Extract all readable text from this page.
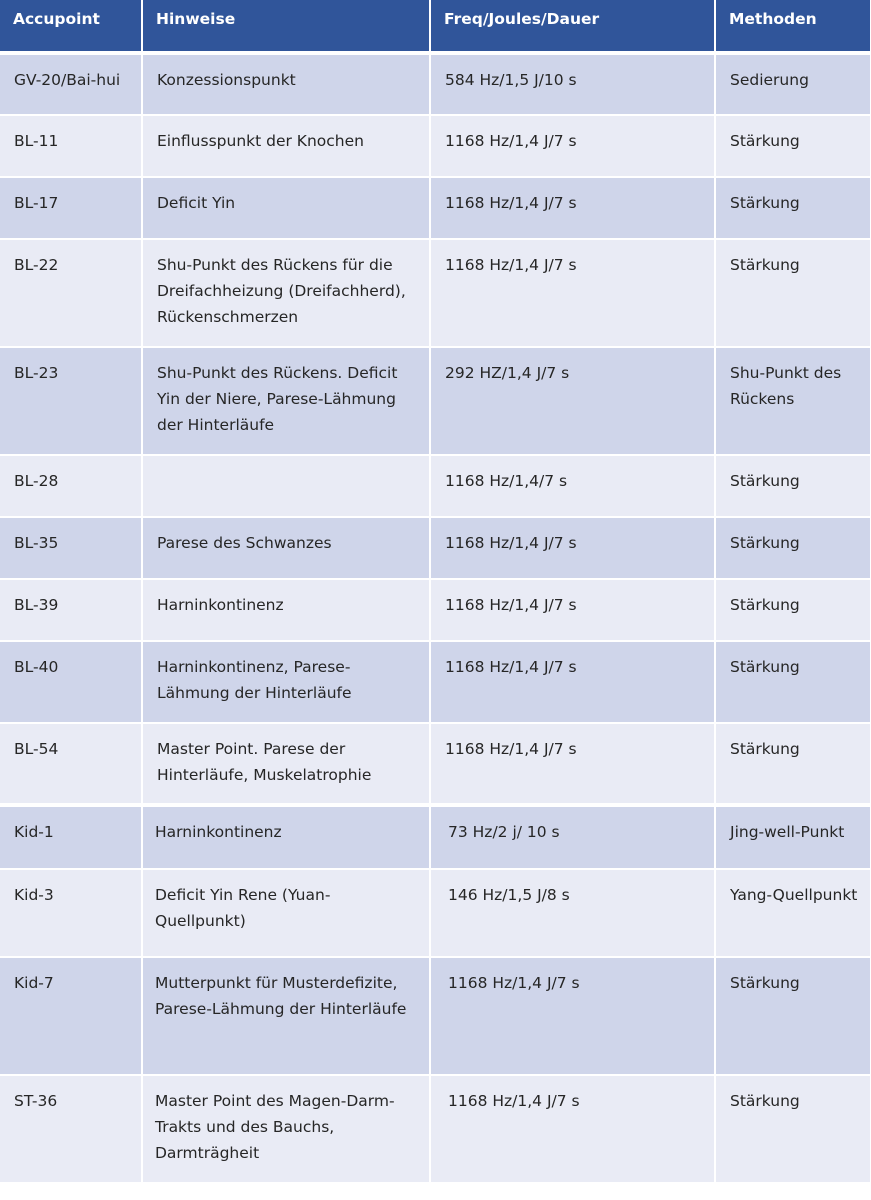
Accupoint	Hinweise	Freq/Joules/Dauer	Methoden
GV-20/Bai-hui	Konzessionspunkt	584 Hz/1,5 J/10 s	Sedierung
BL-11	Einflusspunkt der Knochen	1168 Hz/1,4 J/7 s	Stärkung
BL-17	Deficit Yin	1168 Hz/1,4 J/7 s	Stärkung
BL-22	Shu-Punkt des Rückens für die Dreifachheizung (Dreifachherd), Rückenschmerzen	1168 Hz/1,4 J/7 s	Stärkung
BL-23	Shu-Punkt des Rückens. Deficit Yin der Niere, Parese-Lähmung der Hinterläufe	292 HZ/1,4 J/7 s	Shu-Punkt des Rückens
BL-28		1168 Hz/1,4/7 s	Stärkung
BL-35	Parese des Schwanzes	1168 Hz/1,4 J/7 s	Stärkung
BL-39	Harninkontinenz	1168 Hz/1,4 J/7 s	Stärkung
BL-40	Harninkontinenz, Parese-Lähmung der Hinterläufe	1168 Hz/1,4 J/7 s	Stärkung
BL-54	Master Point. Parese der Hinterläufe, Muskelatrophie	1168 Hz/1,4 J/7 s	Stärkung
Kid-1	Harninkontinenz	73 Hz/2 j/ 10 s	Jing-well-Punkt
Kid-3	Deficit Yin Rene (Yuan-Quellpunkt)	146 Hz/1,5 J/8 s	Yang-Quellpunkt
Kid-7	Mutterpunkt für Musterdefizite, Parese-Lähmung der Hinterläufe	1168 Hz/1,4 J/7 s	Stärkung
ST-36	Master Point des Magen-Darm-Trakts und des Bauchs, Darmträgheit	1168 Hz/1,4 J/7 s	Stärkung
